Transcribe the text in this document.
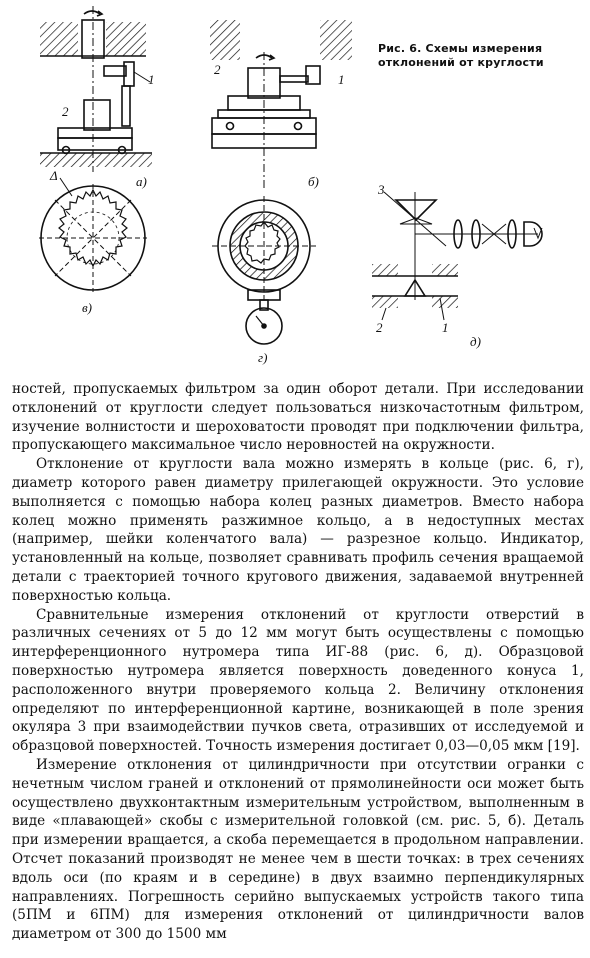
1
2
а)
Δ
в)
2
1
б)
г)
3
2	1
д)
Рис. 6. Схемы измерения
отклонений от круглости

ностей, пропускаемых фильтром за один оборот детали. При исследовании отклонений от круглости следует пользоваться низкочастотным фильтром, изучение волнистости и шероховатости проводят при подключении фильтра, пропускающего максимальное число неровностей на окружности.

Отклонение от круглости вала можно измерять в кольце (рис. 6, г), диаметр которого равен диаметру прилегающей окружности. Это условие выполняется с помощью набора колец разных диаметров. Вместо набора колец можно применять разжимное кольцо, а в недоступных местах (например, шейки коленчатого вала) — разрезное кольцо. Индикатор, установленный на кольце, позволяет сравнивать профиль сечения вращаемой детали с траекторией точного кругового движения, задаваемой внутренней поверхностью кольца.

Сравнительные измерения отклонений от круглости отверстий в различных сечениях от 5 до 12 мм могут быть осуществлены с помощью интерференционного нутромера типа ИГ-88 (рис. 6, д). Образцовой поверхностью нутромера является поверхность доведенного конуса 1, расположенного внутри проверяемого кольца 2. Величину отклонения определяют по интерференционной картине, возникающей в поле зрения окуляра 3 при взаимодействии пучков света, отразивших от исследуемой и образцовой поверхностей. Точность измерения достигает 0,03—0,05 мкм [19].

Измерение отклонения от цилиндричности при отсутствии огранки с нечетным числом граней и отклонений от прямолинейности оси может быть осуществлено двухконтактным измерительным устройством, выполненным в виде «плавающей» скобы с измерительной головкой (см. рис. 5, б). Деталь при измерении вращается, а скоба перемещается в продольном направлении. Отсчет показаний производят не менее чем в шести точках: в трех сечениях вдоль оси (по краям и в середине) в двух взаимно перпендикулярных направлениях. Погрешность серийно выпускаемых устройств такого типа (5ПМ и 6ПМ) для измерения отклонений от цилиндричности валов диаметром от 300 до 1500 мм
